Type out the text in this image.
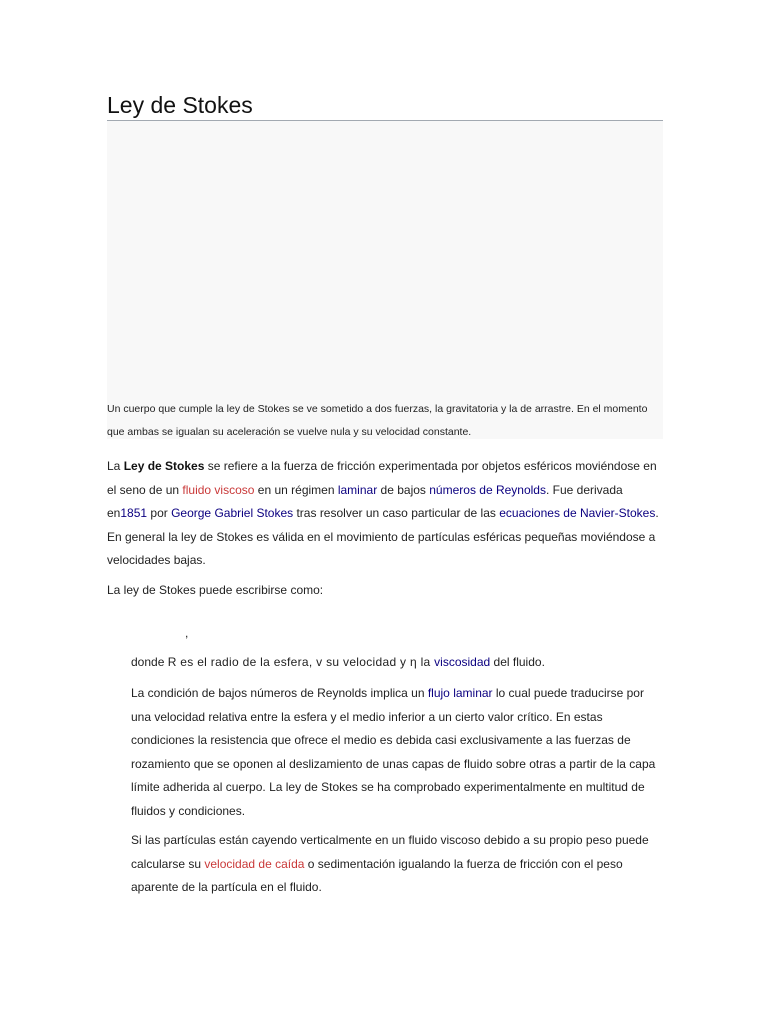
Ley de Stokes
Un cuerpo que cumple la ley de Stokes se ve sometido a dos fuerzas, la gravitatoria y la de arrastre. En el momento que ambas se igualan su aceleración se vuelve nula y su velocidad constante.

La Ley de Stokes se refiere a la fuerza de fricción experimentada por objetos esféricos moviéndose en el seno de un fluido viscoso en un régimen laminar de bajos números de Reynolds. Fue derivada en1851 por George Gabriel Stokes tras resolver un caso particular de las ecuaciones de Navier-Stokes. En general la ley de Stokes es válida en el movimiento de partículas esféricas pequeñas moviéndose a velocidades bajas.

La ley de Stokes puede escribirse como:

,

donde R es el radio de la esfera, v su velocidad y η la viscosidad del fluido.

La condición de bajos números de Reynolds implica un flujo laminar lo cual puede traducirse por una velocidad relativa entre la esfera y el medio inferior a un cierto valor crítico. En estas condiciones la resistencia que ofrece el medio es debida casi exclusivamente a las fuerzas de rozamiento que se oponen al deslizamiento de unas capas de fluido sobre otras a partir de la capa límite adherida al cuerpo. La ley de Stokes se ha comprobado experimentalmente en multitud de fluidos y condiciones.

Si las partículas están cayendo verticalmente en un fluido viscoso debido a su propio peso puede calcularse su velocidad de caída o sedimentación igualando la fuerza de fricción con el peso aparente de la partícula en el fluido.
